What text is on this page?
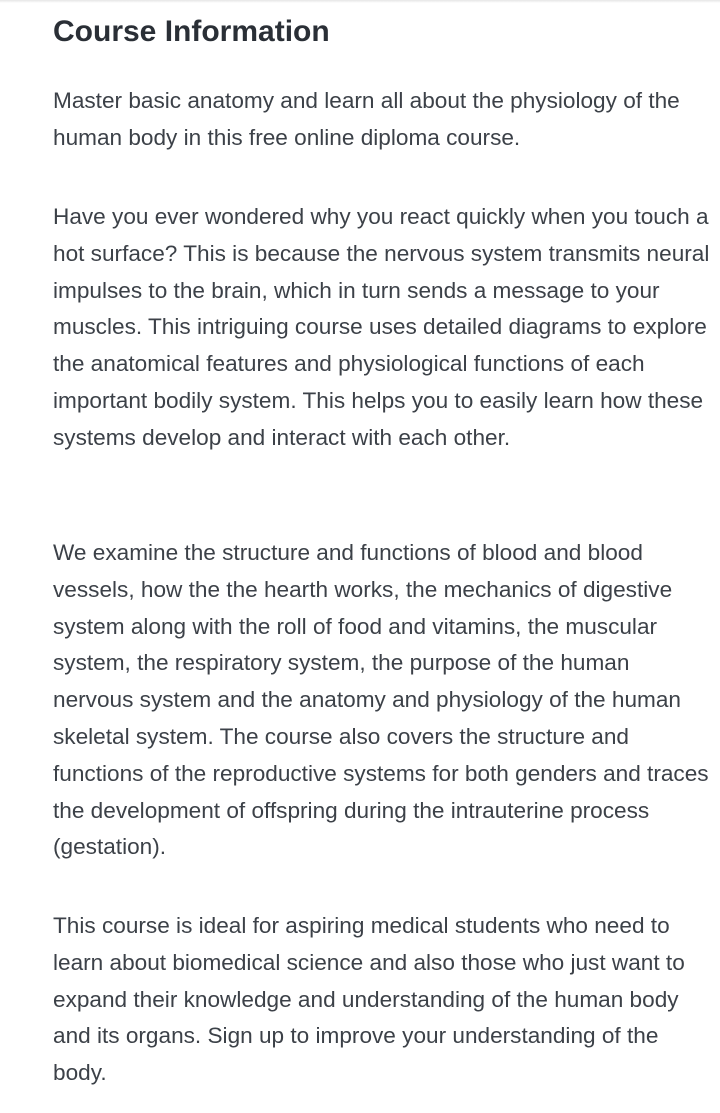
Course Information

Master basic anatomy and learn all about the physiology of the human body in this free online diploma course.

Have you ever wondered why you react quickly when you touch a hot surface? This is because the nervous system transmits neural impulses to the brain, which in turn sends a message to your muscles. This intriguing course uses detailed diagrams to explore the anatomical features and physiological functions of each important bodily system. This helps you to easily learn how these systems develop and interact with each other.

We examine the structure and functions of blood and blood vessels, how the the hearth works, the mechanics of digestive system along with the roll of food and vitamins, the muscular system, the respiratory system, the purpose of the human nervous system and the anatomy and physiology of the human skeletal system. The course also covers the structure and functions of the reproductive systems for both genders and traces the development of offspring during the intrauterine process (gestation).

This course is ideal for aspiring medical students who need to learn about biomedical science and also those who just want to expand their knowledge and understanding of the human body and its organs. Sign up to improve your understanding of the body.
